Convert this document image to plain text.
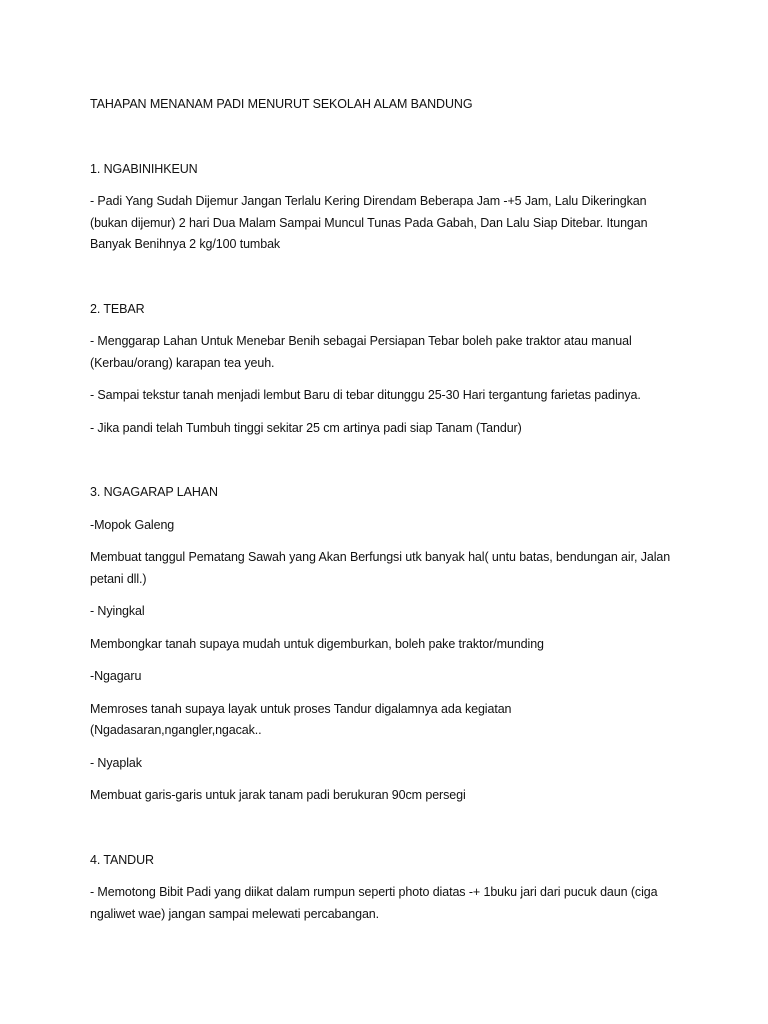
TAHAPAN MENANAM PADI MENURUT SEKOLAH ALAM BANDUNG

1. NGABINIHKEUN

- Padi Yang Sudah Dijemur Jangan Terlalu Kering Direndam Beberapa Jam -+5 Jam, Lalu Dikeringkan (bukan dijemur) 2 hari Dua Malam Sampai Muncul Tunas Pada Gabah, Dan Lalu Siap Ditebar. Itungan Banyak Benihnya 2 kg/100 tumbak

2. TEBAR

- Menggarap Lahan Untuk Menebar Benih sebagai Persiapan Tebar boleh pake traktor atau manual (Kerbau/orang) karapan tea yeuh.

- Sampai tekstur tanah menjadi lembut Baru di tebar ditunggu 25-30 Hari tergantung farietas padinya.

- Jika pandi telah Tumbuh tinggi sekitar 25 cm artinya padi siap Tanam (Tandur)

3. NGAGARAP LAHAN

-Mopok Galeng

Membuat tanggul Pematang Sawah yang Akan Berfungsi utk banyak hal( untu batas, bendungan air, Jalan petani dll.)

- Nyingkal

Membongkar tanah supaya mudah untuk digemburkan, boleh pake traktor/munding

-Ngagaru

Memroses tanah supaya layak untuk proses Tandur digalamnya ada kegiatan (Ngadasaran,ngangler,ngacak..

- Nyaplak

Membuat garis-garis untuk jarak tanam padi berukuran 90cm persegi

4. TANDUR

- Memotong Bibit Padi yang diikat dalam rumpun seperti photo diatas -+ 1buku jari dari pucuk daun (ciga ngaliwet wae) jangan sampai melewati percabangan.
